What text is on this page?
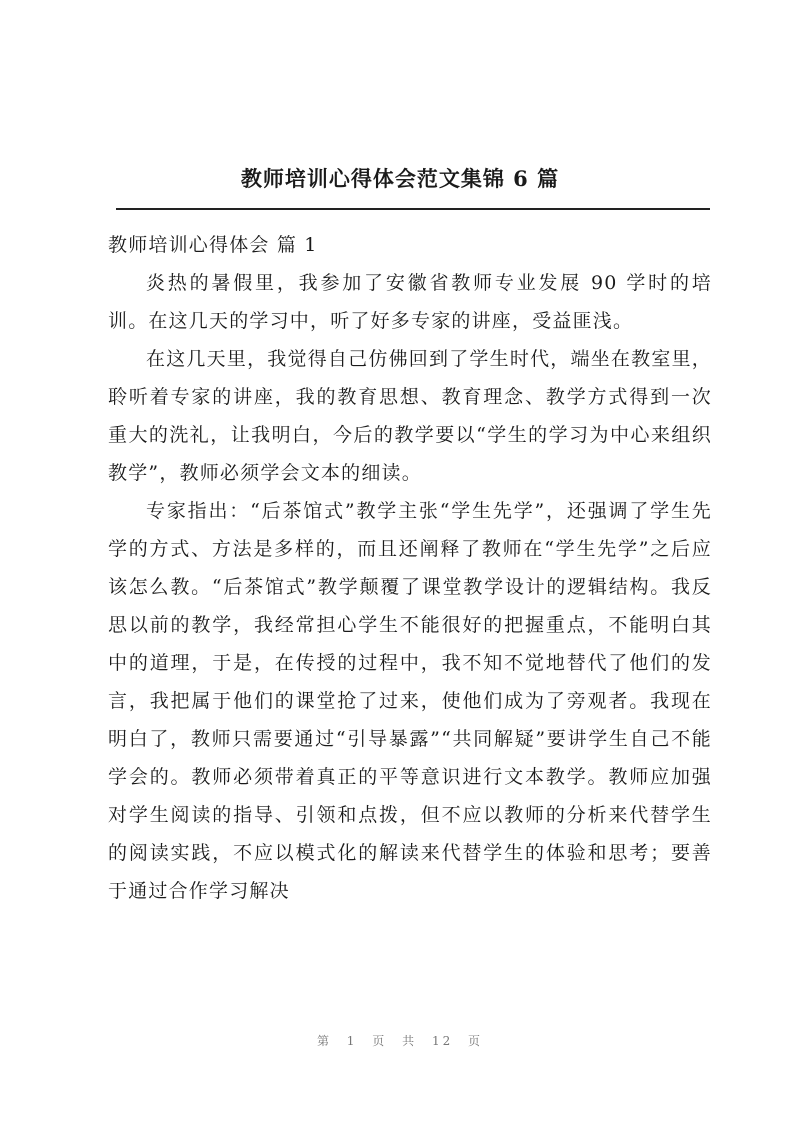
教师培训心得体会范文集锦 6 篇
教师培训心得体会 篇 1

炎热的暑假里，我参加了安徽省教师专业发展 90 学时的培训。在这几天的学习中，听了好多专家的讲座，受益匪浅。

在这几天里，我觉得自己仿佛回到了学生时代，端坐在教室里，聆听着专家的讲座，我的教育思想、教育理念、教学方式得到一次重大的洗礼，让我明白，今后的教学要以“学生的学习为中心来组织教学”，教师必须学会文本的细读。

专家指出：“后茶馆式”教学主张“学生先学”，还强调了学生先学的方式、方法是多样的，而且还阐释了教师在“学生先学”之后应该怎么教。“后茶馆式”教学颠覆了课堂教学设计的逻辑结构。我反思以前的教学，我经常担心学生不能很好的把握重点，不能明白其中的道理，于是，在传授的过程中，我不知不觉地替代了他们的发言，我把属于他们的课堂抢了过来，使他们成为了旁观者。我现在明白了，教师只需要通过“引导暴露”“共同解疑”要讲学生自己不能学会的。教师必须带着真正的平等意识进行文本教学。教师应加强对学生阅读的指导、引领和点拨，但不应以教师的分析来代替学生的阅读实践，不应以模式化的解读来代替学生的体验和思考；要善于通过合作学习解决

第 1 页 共 12 页
